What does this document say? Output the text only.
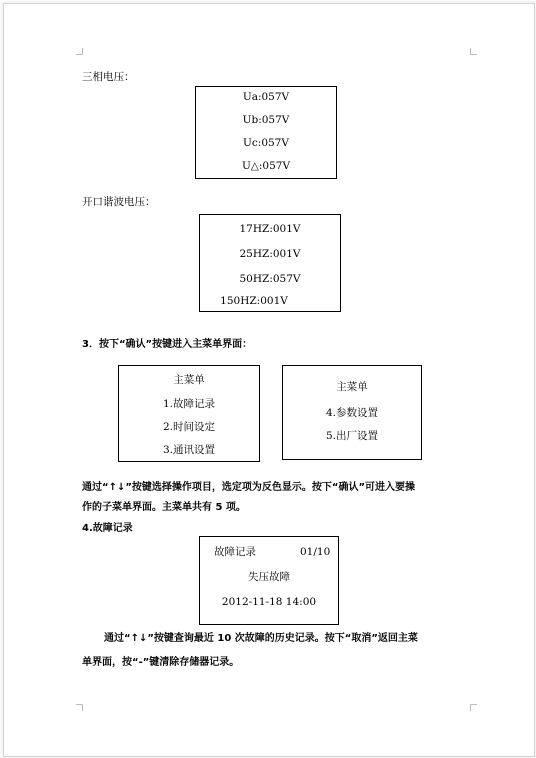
三相电压：
Ua:057V
Ub:057V
Uc:057V
U△:057V
开口谐波电压：
17HZ:001V
25HZ:001V
50HZ:057V
150HZ:001V
3．按下“确认”按键进入主菜单界面：
主菜单
1.故障记录
2.时间设定
3.通讯设置
主菜单
4.参数设置
5.出厂设置
通过“↑↓”按键选择操作项目，选定项为反色显示。按下“确认”可进入要操
作的子菜单界面。主菜单共有 5 项。
4.故障记录
故障记录	01/10
失压故障
2012-11-18 14:00
通过“↑↓”按键查询最近 10 次故障的历史记录。按下“取消”返回主菜
单界面，按“-”键清除存储器记录。
